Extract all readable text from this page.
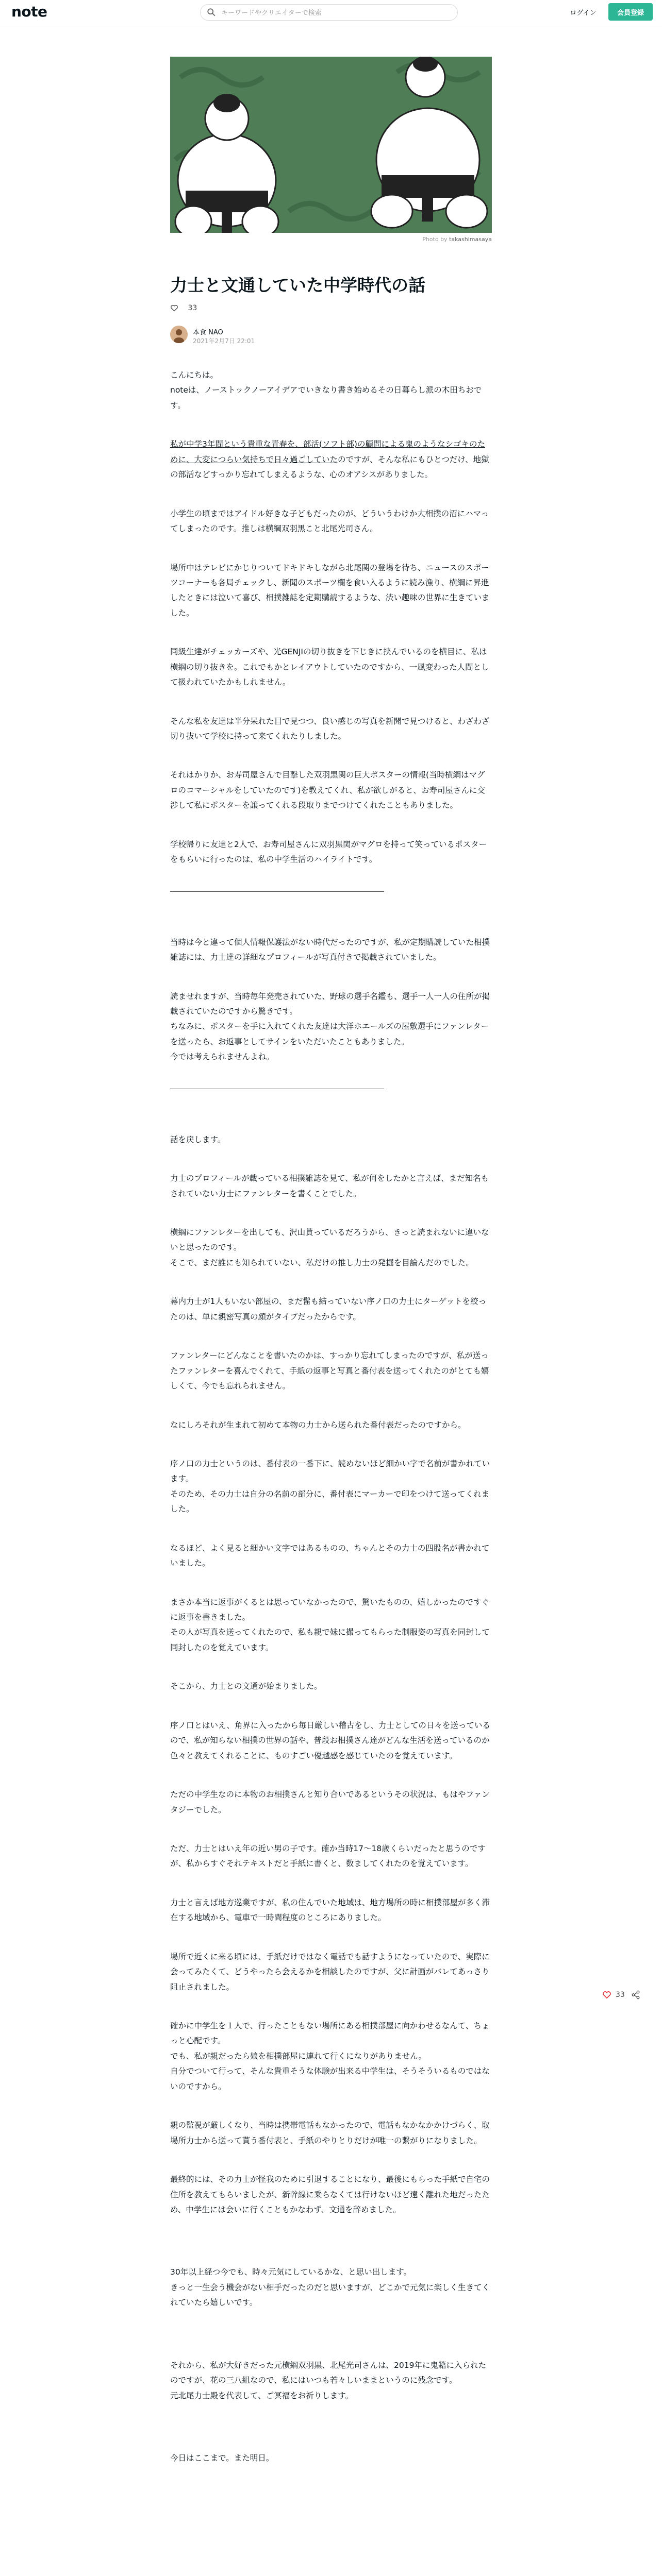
note
キーワードやクリエイターで検索	ログイン	会員登録
Photo by takashimasaya
力士と文通していた中学時代の話
33
本食 NAO
2021年2月7日 22:01

こんにちは。
noteは、ノーストックノーアイデアでいきなり書き始めるその日暮らし派の木田ちおです。

私が中学3年間という貴重な青春を、部活(ソフト部)の顧問による鬼のようなシゴキのために、大変につらい気持ちで日々過ごしていたのですが、そんな私にもひとつだけ、地獄の部活などすっかり忘れてしまえるような、心のオアシスがありました。

小学生の頃まではアイドル好きな子どもだったのが、どういうわけか大相撲の沼にハマってしまったのです。推しは横綱双羽黒こと北尾光司さん。

場所中はテレビにかじりついてドキドキしながら北尾関の登場を待ち、ニュースのスポーツコーナーも各局チェックし、新聞のスポーツ欄を食い入るように読み漁り、横綱に昇進したときには泣いて喜び、相撲雑誌を定期購読するような、渋い趣味の世界に生きていました。

同級生達がチェッカーズや、光GENJIの切り抜きを下じきに挟んでいるのを横目に、私は横綱の切り抜きを。これでもかとレイアウトしていたのですから、一風変わった人間として扱われていたかもしれません。

そんな私を友達は半分呆れた目で見つつ、良い感じの写真を新聞で見つけると、わざわざ切り抜いて学校に持って来てくれたりしました。

それはかりか、お寿司屋さんで目撃した双羽黒関の巨大ポスターの情報(当時横綱はマグロのコマーシャルをしていたのです)を教えてくれ、私が欲しがると、お寿司屋さんに交渉して私にポスターを譲ってくれる段取りまでつけてくれたこともありました。

学校帰りに友達と2人で、お寿司屋さんに双羽黒関がマグロを持って笑っているポスターをもらいに行ったのは、私の中学生活のハイライトです。

当時は今と違って個人情報保護法がない時代だったのですが、私が定期購読していた相撲雑誌には、力士達の詳細なプロフィールが写真付きで掲載されていました。

読ませれますが、当時毎年発売されていた、野球の選手名鑑も、選手一人一人の住所が掲載されていたのですから驚きです。
ちなみに、ポスターを手に入れてくれた友達は大洋ホエールズの屋敷選手にファンレターを送ったら、お返事としてサインをいただいたこともありました。
今では考えられませんよね。

話を戻します。

力士のプロフィールが載っている相撲雑誌を見て、私が何をしたかと言えば、まだ知名もされていない力士にファンレターを書くことでした。

横綱にファンレターを出しても、沢山貰っているだろうから、きっと読まれないに違いないと思ったのです。
そこで、まだ誰にも知られていない、私だけの推し力士の発掘を目論んだのでした。

幕内力士が1人もいない部屋の、まだ髷も結っていない序ノ口の力士にターゲットを絞ったのは、単に親密写真の顔がタイプだったからです。

ファンレターにどんなことを書いたのかは、すっかり忘れてしまったのですが、私が送ったファンレターを喜んでくれて、手紙の返事と写真と番付表を送ってくれたのがとても嬉しくて、今でも忘れられません。

なにしろそれが生まれて初めて本物の力士から送られた番付表だったのですから。

序ノ口の力士というのは、番付表の一番下に、読めないほど細かい字で名前が書かれています。
そのため、その力士は自分の名前の部分に、番付表にマーカーで印をつけて送ってくれました。

なるほど、よく見ると細かい文字ではあるものの、ちゃんとその力士の四股名が書かれていました。

まさか本当に返事がくるとは思っていなかったので、驚いたものの、嬉しかったのですぐに返事を書きました。
その人が写真を送ってくれたので、私も親で妹に撮ってもらった制服姿の写真を同封して同封したのを覚えています。

そこから、力士との文通が始まりました。

序ノ口とはいえ、角界に入ったから毎日厳しい稽古をし、力士としての日々を送っているので、私が知らない相撲の世界の話や、普段お相撲さん達がどんな生活を送っているのか色々と教えてくれることに、ものすごい優越感を感じていたのを覚えています。

ただの中学生なのに本物のお相撲さんと知り合いであるというその状況は、もはやファンタジーでした。

ただ、力士とはいえ年の近い男の子です。確か当時17～18歳くらいだったと思うのですが、私からすぐそれテキストだと手紙に書くと、数ましてくれたのを覚えています。

力士と言えば地方巡業ですが、私の住んでいた地域は、地方場所の時に相撲部屋が多く滞在する地域から、電車で一時間程度のところにありました。

場所で近くに来る頃には、手紙だけではなく電話でも話すようになっていたので、実際に会ってみたくて、どうやったら会えるかを相談したのですが、父に計画がバレてあっさり阻止されました。

確かに中学生を１人で、行ったこともない場所にある相撲部屋に向かわせるなんて、ちょっと心配です。
でも、私が親だったら娘を相撲部屋に連れて行くになりがありません。
自分でついて行って、そんな貴重そうな体験が出来る中学生は、そうそういるものではないのですから。

親の監視が厳しくなり、当時は携帯電話もなかったので、電話もなかなかかけづらく、取場所力士から送って貰う番付表と、手紙のやりとりだけが唯一の繋がりになりました。

最終的には、その力士が怪我のために引退することになり、最後にもらった手紙で自宅の住所を教えてもらいましたが、新幹線に乗らなくては行けないほど遠く離れた地だったため、中学生には会いに行くこともかなわず、文通を辞めました。

30年以上経つ今でも、時々元気にしているかな、と思い出します。
きっと一生会う機会がない相手だったのだと思いますが、どこかで元気に楽しく生きてくれていたら嬉しいです。

それから、私が大好きだった元横綱双羽黒、北尾光司さんは、2019年に鬼籍に入られたのですが、花の三八組なので、私にはいつも若々しいままというのに残念です。
元北尾力士殿を代表して、ご冥福をお祈りします。

今日はここまで。また明日。

33
